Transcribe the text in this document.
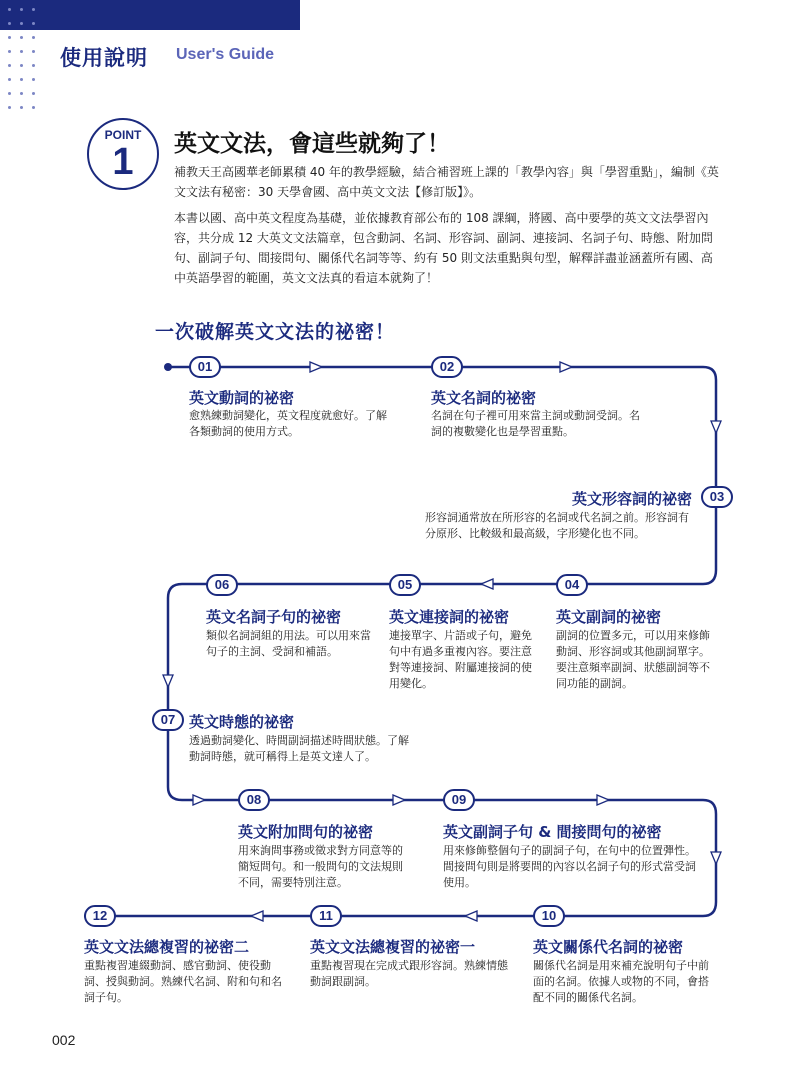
使用說明 User's Guide
POINT
1	英文文法，會這些就夠了！

補教天王高國華老師累積 40 年的教學經驗，結合補習班上課的「教學內容」與「學習重點」，編制《英文文法有秘密：30 天學會國、高中英文文法【修訂版】》。

本書以國、高中英文程度為基礎，並依據教育部公布的 108 課綱，將國、高中要學的英文文法學習內容，共分成 12 大英文文法篇章，包含動詞、名詞、形容詞、副詞、連接詞、名詞子句、時態、附加問句、副詞子句、間接問句、關係代名詞等等、約有 50 則文法重點與句型，解釋詳盡並涵蓋所有國、高中英語學習的範圍，英文文法真的看這本就夠了！

一次破解英文文法的祕密！
01
英文動詞的祕密
愈熟練動詞變化，英文程度就愈好。了解各類動詞的使用方式。
02
英文名詞的祕密
名詞在句子裡可用來當主詞或動詞受詞。名詞的複數變化也是學習重點。
03
英文形容詞的祕密
形容詞通常放在所形容的名詞或代名詞之前。形容詞有分原形、比較級和最高級，字形變化也不同。
04
英文副詞的祕密
副詞的位置多元，可以用來修飾動詞、形容詞或其他副詞單字。要注意頻率副詞、狀態副詞等不同功能的副詞。
05
英文連接詞的祕密
連接單字、片語或子句，避免句中有過多重複內容。要注意對等連接詞、附屬連接詞的使用變化。
06
英文名詞子句的祕密
類似名詞詞組的用法。可以用來當句子的主詞、受詞和補語。
07 英文時態的祕密
透過動詞變化、時間副詞描述時間狀態。了解動詞時態，就可稱得上是英文達人了。
08
英文附加問句的祕密
用來詢問事務或徵求對方同意等的簡短問句。和一般問句的文法規則不同，需要特別注意。
09
英文副詞子句 & 間接問句的祕密
用來修飾整個句子的副詞子句，在句中的位置彈性。間接問句則是將要問的內容以名詞子句的形式當受詞使用。
10
英文關係代名詞的祕密
關係代名詞是用來補充說明句子中前面的名詞。依據人或物的不同，會搭配不同的關係代名詞。
11
英文文法總複習的祕密一
重點複習現在完成式跟形容詞。熟練情態動詞跟副詞。
12
英文文法總複習的祕密二
重點複習連綴動詞、感官動詞、使役動詞、授與動詞。熟練代名詞、附和句和名詞子句。
002
